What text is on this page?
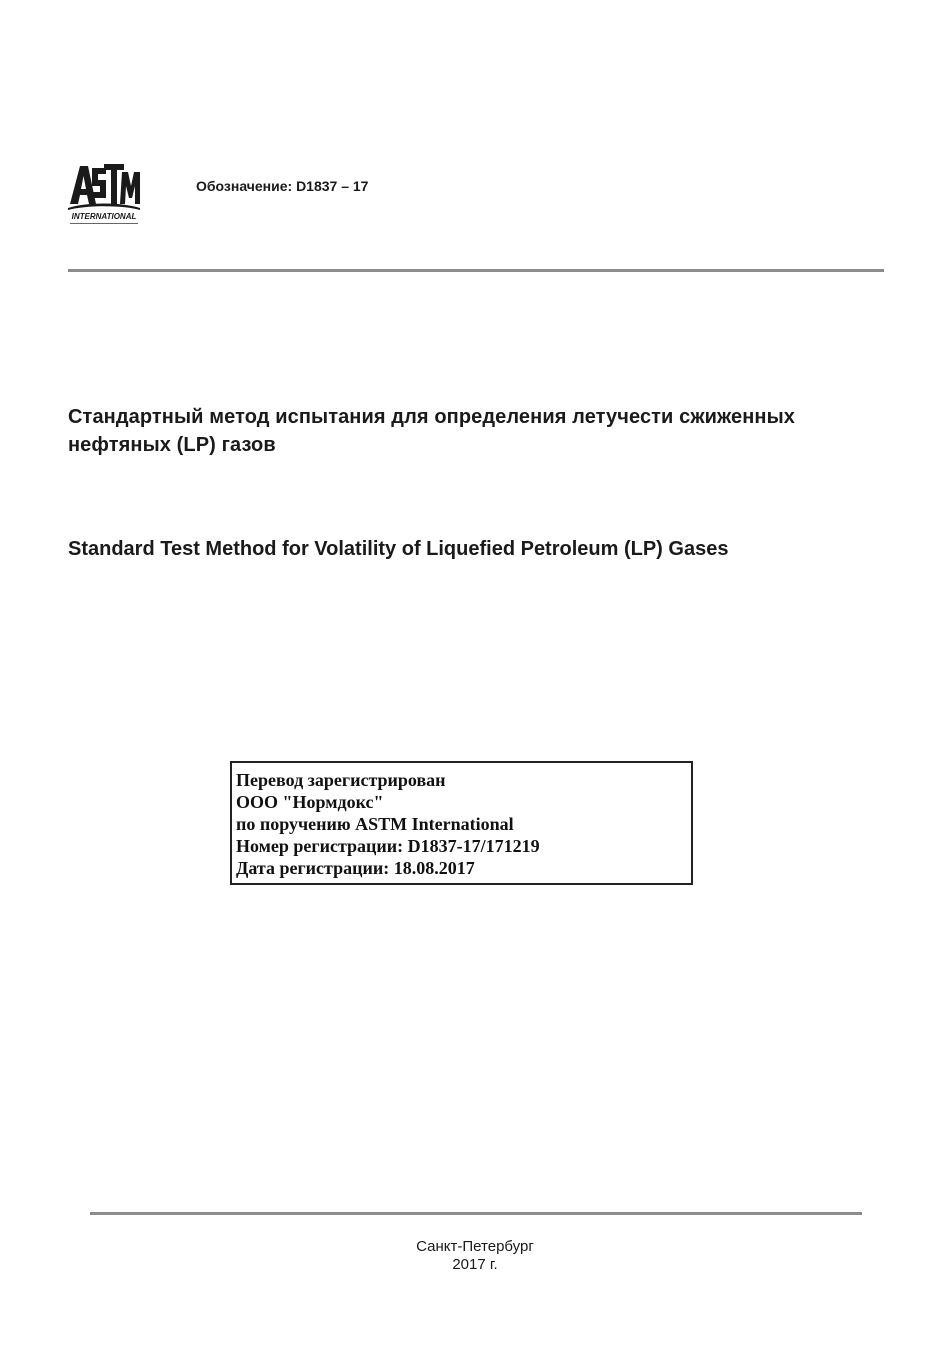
INTERNATIONAL
Обозначение: D1837 – 17
Стандартный метод испытания для определения летучести сжиженных нефтяных (LP) газов
Standard Test Method for Volatility of Liquefied Petroleum (LP) Gases
Перевод зарегистрирован
ООО "Нормдокс"
по поручению ASTM International
Номер регистрации: D1837-17/171219
Дата регистрации: 18.08.2017
Санкт-Петербург
2017 г.
